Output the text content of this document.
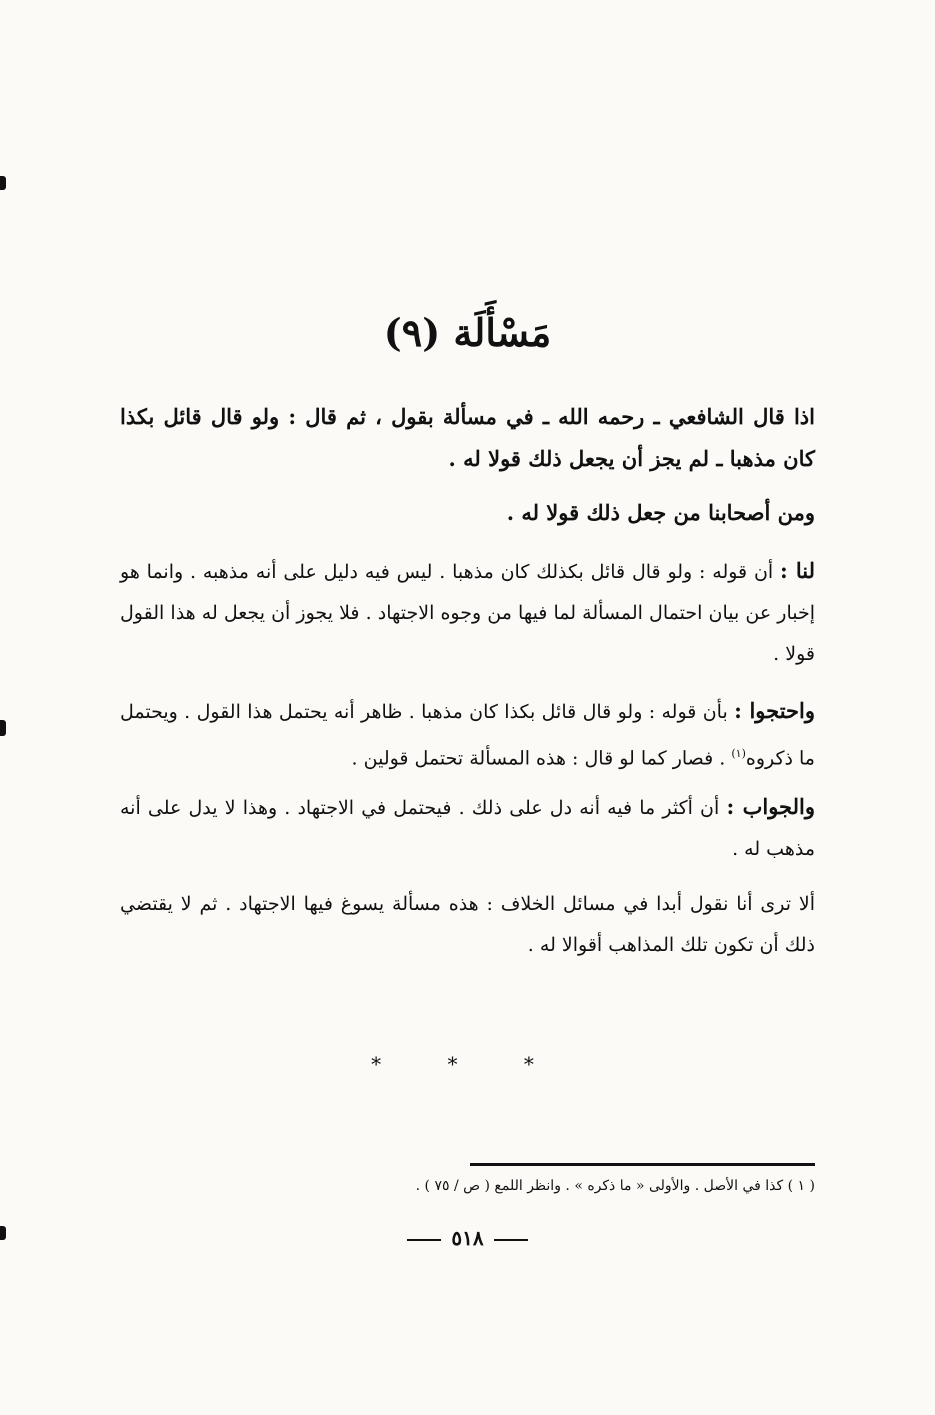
مَسْأَلَة (٩)
اذا قال الشافعي ـ رحمه الله ـ في مسألة بقول ، ثم قال : ولو قال قائل بكذا كان مذهبا ـ لم يجز أن يجعل ذلك قولا له .
ومن أصحابنا من جعل ذلك قولا له .
لنا : أن قوله : ولو قال قائل بكذلك كان مذهبا . ليس فيه دليل على أنه مذهبه . وانما هو إخبار عن بيان احتمال المسألة لما فيها من وجوه الاجتهاد . فلا يجوز أن يجعل له هذا القول قولا .
واحتجوا : بأن قوله : ولو قال قائل بكذا كان مذهبا . ظاهر أنه يحتمل هذا القول . ويحتمل ما ذكروه$^{(١)}$ . فصار كما لو قال : هذه المسألة تحتمل قولين .
والجواب : أن أكثر ما فيه أنه دل على ذلك . فيحتمل في الاجتهاد . وهذا لا يدل على أنه مذهب له .
ألا ترى أنا نقول أبدا في مسائل الخلاف : هذه مسألة يسوغ فيها الاجتهاد . ثم لا يقتضي ذلك أن تكون تلك المذاهب أقوالا له .
* * *
( ١ ) كذا في الأصل . والأولى « ما ذكره » . وانظر اللمع ( ص / ٧٥ ) .
٥١٨
